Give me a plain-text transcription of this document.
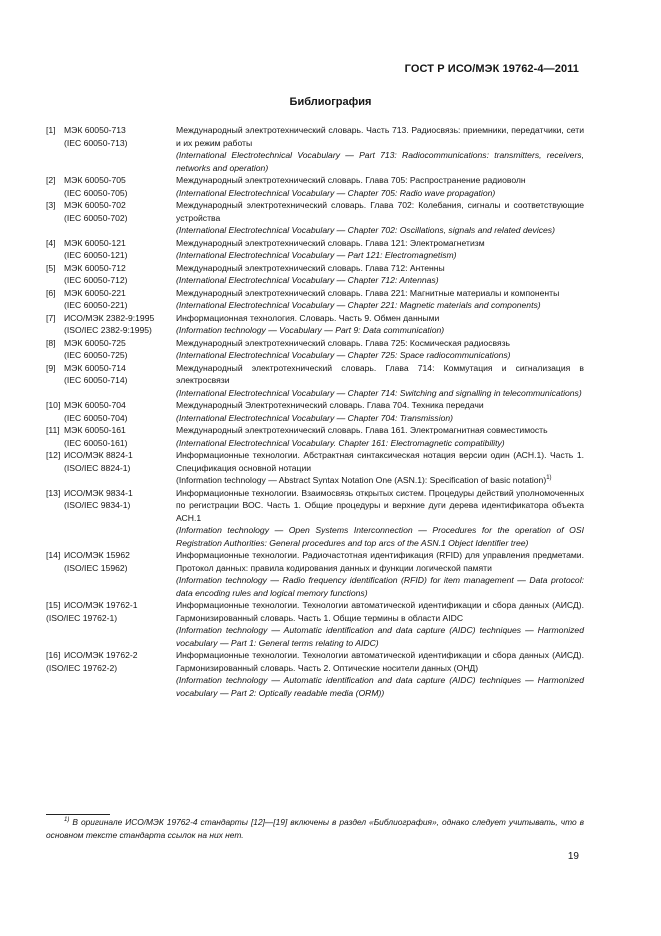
ГОСТ Р ИСО/МЭК 19762-4—2011
Библиография
[1] МЭК 60050-713
(IEC 60050-713)
Международный электротехнический словарь. Часть 713. Радиосвязь: приемники, передатчики, сети и их режим работы
(International Electrotechnical Vocabulary — Part 713: Radiocommunications: transmitters, receivers, networks and operation)
[2] МЭК 60050-705
(IEC 60050-705)
Международный электротехнический словарь. Глава 705: Распространение радиоволн
(International Electrotechnical Vocabulary — Chapter 705: Radio wave propagation)
[3] МЭК 60050-702
(IEC 60050-702)
Международный электротехнический словарь. Глава 702: Колебания, сигналы и соответствующие устройства
(International Electrotechnical Vocabulary — Chapter 702: Oscillations, signals and related devices)
[4] МЭК 60050-121
(IEC 60050-121)
Международный электротехнический словарь. Глава 121: Электромагнетизм
(International Electrotechnical Vocabulary — Part 121: Electromagnetism)
[5] МЭК 60050-712
(IEC 60050-712)
Международный электротехнический словарь. Глава 712: Антенны
(International Electrotechnical Vocabulary — Chapter 712: Antennas)
[6] МЭК 60050-221
(IEC 60050-221)
Международный электротехнический словарь. Глава 221: Магнитные материалы и компоненты
(International Electrotechnical Vocabulary — Chapter 221: Magnetic materials and components)
[7] ИСО/МЭК 2382-9:1995
(ISO/IEC 2382-9:1995)
Информационная технология. Словарь. Часть 9. Обмен данными
(Information technology — Vocabulary — Part 9: Data communication)
[8] МЭК 60050-725
(IEC 60050-725)
Международный электротехнический словарь. Глава 725: Космическая радиосвязь
(International Electrotechnical Vocabulary — Chapter 725: Space radiocommunications)
[9] МЭК 60050-714
(IEC 60050-714)
Международный электротехнический словарь. Глава 714: Коммутация и сигнализация в электросвязи
(International Electrotechnical Vocabulary — Chapter 714: Switching and signalling in telecommunications)
[10] МЭК 60050-704
(IEC 60050-704)
Международный Электротехнический словарь. Глава 704. Техника передачи
(International Electrotechnical Vocabulary — Chapter 704: Transmission)
[11] МЭК 60050-161
(IEC 60050-161)
Международный электротехнический словарь. Глава 161. Электромагнитная совместимость
(International Electrotechnical Vocabulary. Chapter 161: Electromagnetic compatibility)
[12] ИСО/МЭК 8824-1
(ISO/IEC 8824-1)
Информационные технологии. Абстрактная синтаксическая нотация версии один (АСН.1). Часть 1. Спецификация основной нотации
(Information technology — Abstract Syntax Notation One (ASN.1): Specification of basic notation)$^{1)}$
[13] ИСО/МЭК 9834-1
(ISO/IEC 9834-1)
Информационные технологии. Взаимосвязь открытых систем. Процедуры действий уполномоченных по регистрации ВОС. Часть 1. Общие процедуры и верхние дуги дерева идентификатора объекта АСН.1
(Information technology — Open Systems Interconnection — Procedures for the operation of OSI Registration Authorities: General procedures and top arcs of the ASN.1 Object Identifier tree)
[14] ИСО/МЭК 15962
(ISO/IEC 15962)
Информационные технологии. Радиочастотная идентификация (RFID) для управления предметами. Протокол данных: правила кодирования данных и функции логической памяти
(Information technology — Radio frequency identification (RFID) for item management — Data protocol: data encoding rules and logical memory functions)
[15] ИСО/МЭК 19762-1
(ISO/IEC 19762-1)
Информационные технологии. Технологии автоматической идентификации и сбора данных (АИСД). Гармонизированный словарь. Часть 1. Общие термины в области AIDC
(Information technology — Automatic identification and data capture (AIDC) techniques — Harmonized vocabulary — Part 1: General terms relating to AIDC)
[16] ИСО/МЭК 19762-2
(ISO/IEC 19762-2)
Информационные технологии. Технологии автоматической идентификации и сбора данных (АИСД). Гармонизированный словарь. Часть 2. Оптические носители данных (ОНД)
(Information technology — Automatic identification and data capture (AIDC) techniques — Harmonized vocabulary — Part 2: Optically readable media (ORM))
$^{1)}$ В оригинале ИСО/МЭК 19762-4 стандарты [12]—[19] включены в раздел «Библиография», однако следует учитывать, что в основном тексте стандарта ссылок на них нет.
19
